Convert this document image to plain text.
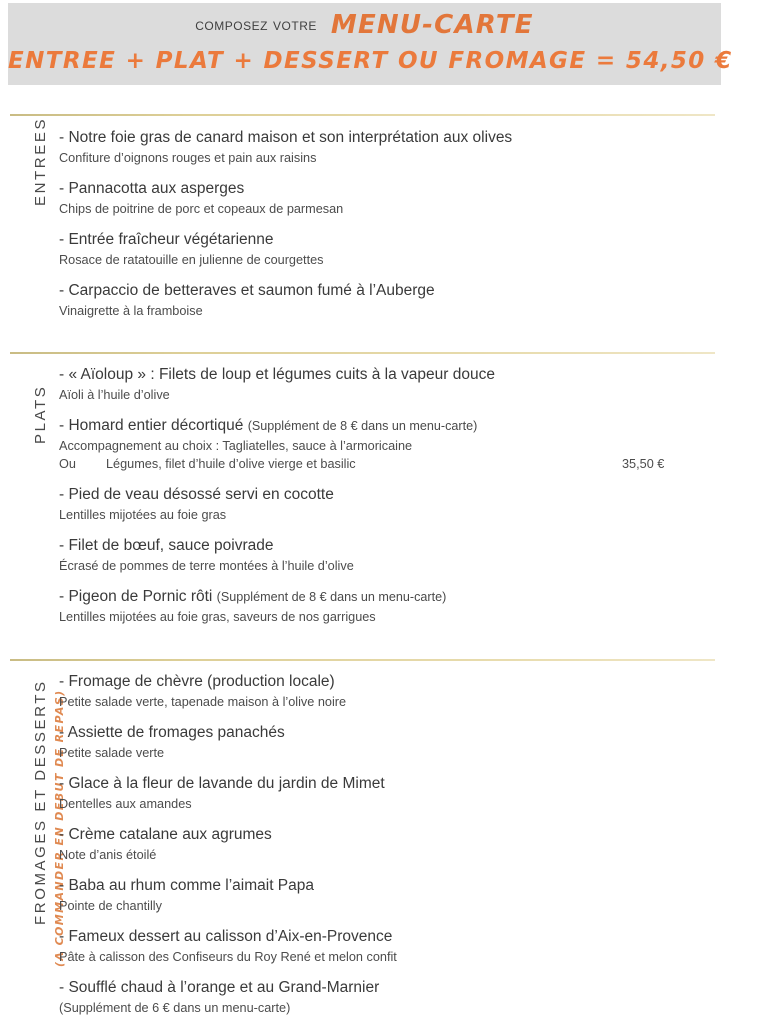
composez votre MENU-CARTE
ENTREE + PLAT + DESSERT OU FROMAGE = 54,50 €
ENTREES
PLATS
FROMAGES ET DESSERTS (A COMMANDER EN DEBUT DE REPAS)
- Notre foie gras de canard maison et son interprétation aux olives
Confiture d’oignons rouges et pain aux raisins
- Pannacotta aux asperges
Chips de poitrine de porc et copeaux de parmesan
- Entrée fraîcheur végétarienne
Rosace de ratatouille en julienne de courgettes
- Carpaccio de betteraves et saumon fumé à l’Auberge
Vinaigrette à la framboise
- « Aïoloup » : Filets de loup et légumes cuits à la vapeur douce
Aïoli à l’huile d’olive
- Homard entier décortiqué (Supplément de 8 € dans un menu-carte)
Accompagnement au choix : Tagliatelles, sauce à l’armoricaine
Ou Légumes, filet d’huile d’olive vierge et basilic	35,50 €
- Pied de veau désossé servi en cocotte
Lentilles mijotées au foie gras
- Filet de bœuf, sauce poivrade
Écrasé de pommes de terre montées à l’huile d’olive
- Pigeon de Pornic rôti (Supplément de 8 € dans un menu-carte)
Lentilles mijotées au foie gras, saveurs de nos garrigues
- Fromage de chèvre (production locale)
Petite salade verte, tapenade maison à l’olive noire
- Assiette de fromages panachés
Petite salade verte
- Glace à la fleur de lavande du jardin de Mimet
Dentelles aux amandes
- Crème catalane aux agrumes
Note d’anis étoilé
- Baba au rhum comme l’aimait Papa
Pointe de chantilly
- Fameux dessert au calisson d’Aix-en-Provence
Pâte à calisson des Confiseurs du Roy René et melon confit
- Soufflé chaud à l’orange et au Grand-Marnier
(Supplément de 6 € dans un menu-carte)
